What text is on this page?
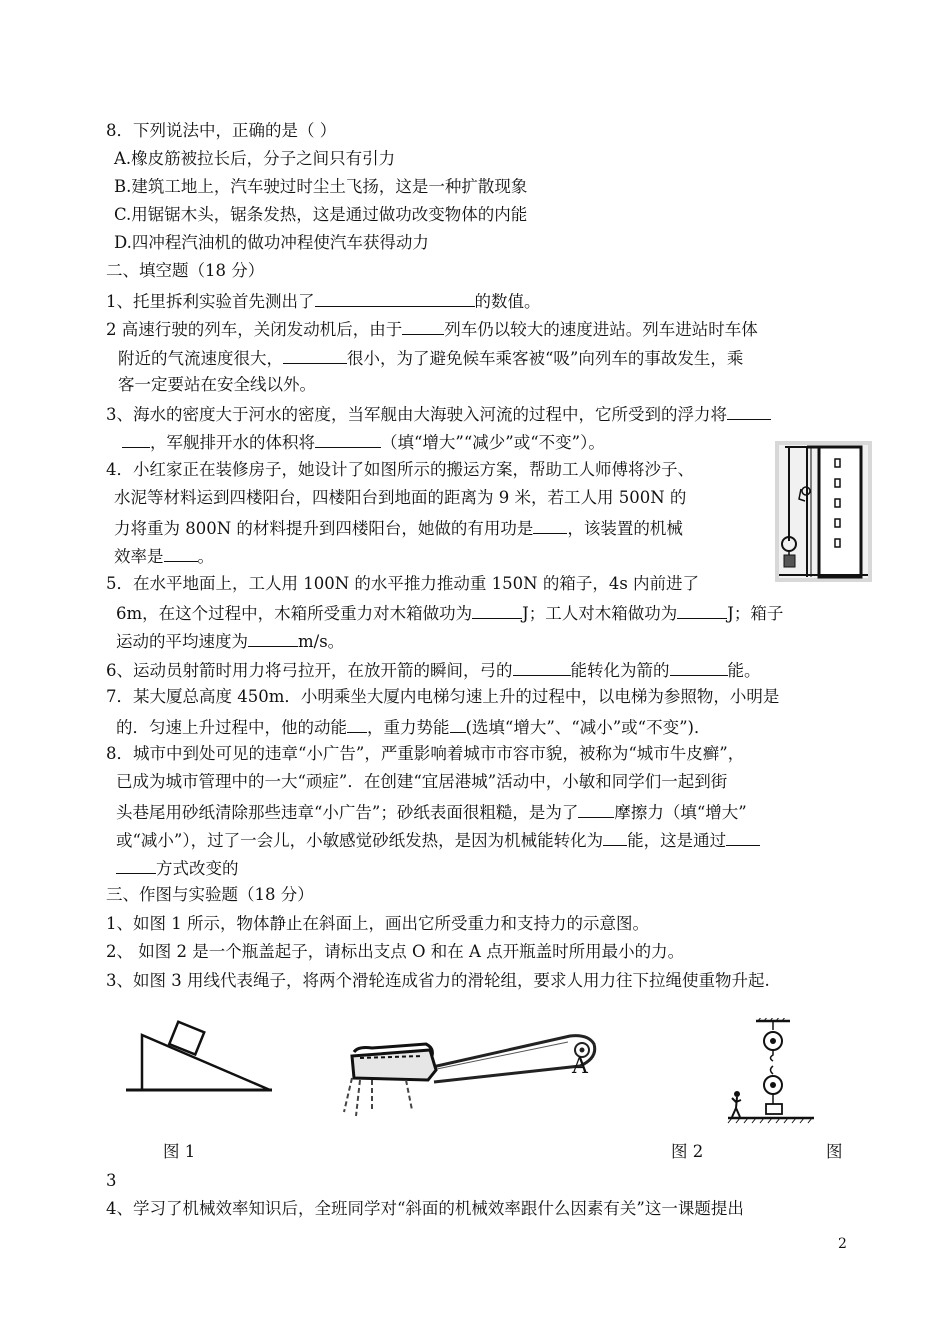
8．下列说法中，正确的是（ ）
A.橡皮筋被拉长后，分子之间只有引力
B.建筑工地上，汽车驶过时尘土飞扬，这是一种扩散现象
C.用锯锯木头，锯条发热，这是通过做功改变物体的内能
D.四冲程汽油机的做功冲程使汽车获得动力
二、填空题（18 分）
1、托里拆利实验首先测出了	的数值。
2 高速行驶的列车，关闭发动机后，由于	列车仍以较大的速度进站。列车进站时车体
附近的气流速度很大，	很小，为了避免候车乘客被“吸”向列车的事故发生，乘
客一定要站在安全线以外。
3、海水的密度大于河水的密度，当军舰由大海驶入河流的过程中，它所受到的浮力将
，军舰排开水的体积将	（填“增大”“减少”或“不变”）。
4．小红家正在装修房子，她设计了如图所示的搬运方案，帮助工人师傅将沙子、
水泥等材料运到四楼阳台，四楼阳台到地面的距离为 9 米，若工人用 500N 的
力将重为 800N 的材料提升到四楼阳台，她做的有用功是 ，该装置的机械
效率是 。
5．在水平地面上，工人用 100N 的水平推力推动重 150N 的箱子，4s 内前进了
6m，在这个过程中，木箱所受重力对木箱做功为	J；工人对木箱做功为	J；箱子
运动的平均速度为	m/s。
6、运动员射箭时用力将弓拉开，在放开箭的瞬间，弓的	能转化为箭的	能。
7．某大厦总高度 450m．小明乘坐大厦内电梯匀速上升的过程中，以电梯为参照物，小明是
的．匀速上升过程中，他的动能 ，重力势能 (选填“增大”、“减小”或“不变”)．
8．城市中到处可见的违章“小广告”，严重影响着城市市容市貌，被称为“城市牛皮癣”，
已成为城市管理中的一大“顽症”．在创建“宜居港城”活动中，小敏和同学们一起到街
头巷尾用砂纸清除那些违章“小广告”；砂纸表面很粗糙，是为了 摩擦力（填“增大”
或“减小”），过了一会儿，小敏感觉砂纸发热，是因为机械能转化为 能，这是通过
方式改变的
三、作图与实验题（18 分）
1、如图 1 所示，物体静止在斜面上，画出它所受重力和支持力的示意图。
2、 如图 2 是一个瓶盖起子，请标出支点 O 和在 A 点开瓶盖时所用最小的力。
3、如图 3 用线代表绳子，将两个滑轮连成省力的滑轮组，要求人用力往下拉绳使重物升起.
A
图 1	图 2	图
3
4、学习了机械效率知识后，全班同学对“斜面的机械效率跟什么因素有关”这一课题提出
2
